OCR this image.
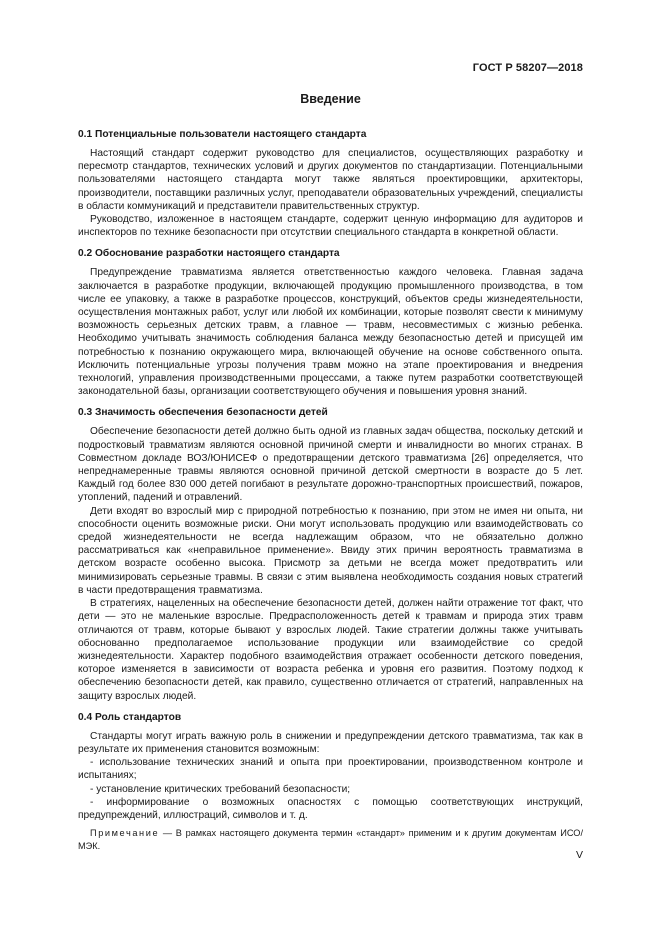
ГОСТ Р 58207—2018
Введение
0.1 Потенциальные пользователи настоящего стандарта

Настоящий стандарт содержит руководство для специалистов, осуществляющих разработку и пересмотр стандартов, технических условий и других документов по стандартизации. Потенциальными пользователями настоящего стандарта могут также являться проектировщики, архитекторы, производители, поставщики различных услуг, преподаватели образовательных учреждений, специалисты в области коммуникаций и представители правительственных структур.

Руководство, изложенное в настоящем стандарте, содержит ценную информацию для аудиторов и инспекторов по технике безопасности при отсутствии специального стандарта в конкретной области.

0.2 Обоснование разработки настоящего стандарта

Предупреждение травматизма является ответственностью каждого человека. Главная задача заключается в разработке продукции, включающей продукцию промышленного производства, в том числе ее упаковку, а также в разработке процессов, конструкций, объектов среды жизнедеятельности, осуществления монтажных работ, услуг или любой их комбинации, которые позволят свести к минимуму возможность серьезных детских травм, а главное — травм, несовместимых с жизнью ребенка. Необходимо учитывать значимость соблюдения баланса между безопасностью детей и присущей им потребностью к познанию окружающего мира, включающей обучение на основе собственного опыта. Исключить потенциальные угрозы получения травм можно на этапе проектирования и внедрения технологий, управления производственными процессами, а также путем разработки соответствующей законодательной базы, организации соответствующего обучения и повышения уровня знаний.

0.3 Значимость обеспечения безопасности детей

Обеспечение безопасности детей должно быть одной из главных задач общества, поскольку детский и подростковый травматизм являются основной причиной смерти и инвалидности во многих странах. В Совместном докладе ВОЗ/ЮНИСЕФ о предотвращении детского травматизма [26] определяется, что непреднамеренные травмы являются основной причиной детской смертности в возрасте до 5 лет. Каждый год более 830 000 детей погибают в результате дорожно-транспортных происшествий, пожаров, утоплений, падений и отравлений.

Дети входят во взрослый мир с природной потребностью к познанию, при этом не имея ни опыта, ни способности оценить возможные риски. Они могут использовать продукцию или взаимодействовать со средой жизнедеятельности не всегда надлежащим образом, что не обязательно должно рассматриваться как «неправильное применение». Ввиду этих причин вероятность травматизма в детском возрасте особенно высока. Присмотр за детьми не всегда может предотвратить или минимизировать серьезные травмы. В связи с этим выявлена необходимость создания новых стратегий в части предотвращения травматизма.

В стратегиях, нацеленных на обеспечение безопасности детей, должен найти отражение тот факт, что дети — это не маленькие взрослые. Предрасположенность детей к травмам и природа этих травм отличаются от травм, которые бывают у взрослых людей. Такие стратегии должны также учитывать обоснованно предполагаемое использование продукции или взаимодействие со средой жизнедеятельности. Характер подобного взаимодействия отражает особенности детского поведения, которое изменяется в зависимости от возраста ребенка и уровня его развития. Поэтому подход к обеспечению безопасности детей, как правило, существенно отличается от стратегий, направленных на защиту взрослых людей.

0.4 Роль стандартов

Стандарты могут играть важную роль в снижении и предупреждении детского травматизма, так как в результате их применения становится возможным:

- использование технических знаний и опыта при проектировании, производственном контроле и испытаниях;

- установление критических требований безопасности;

- информирование о возможных опасностях с помощью соответствующих инструкций, предупреждений, иллюстраций, символов и т. д.

Примечание — В рамках настоящего документа термин «стандарт» применим и к другим документам ИСО/МЭК.
V
